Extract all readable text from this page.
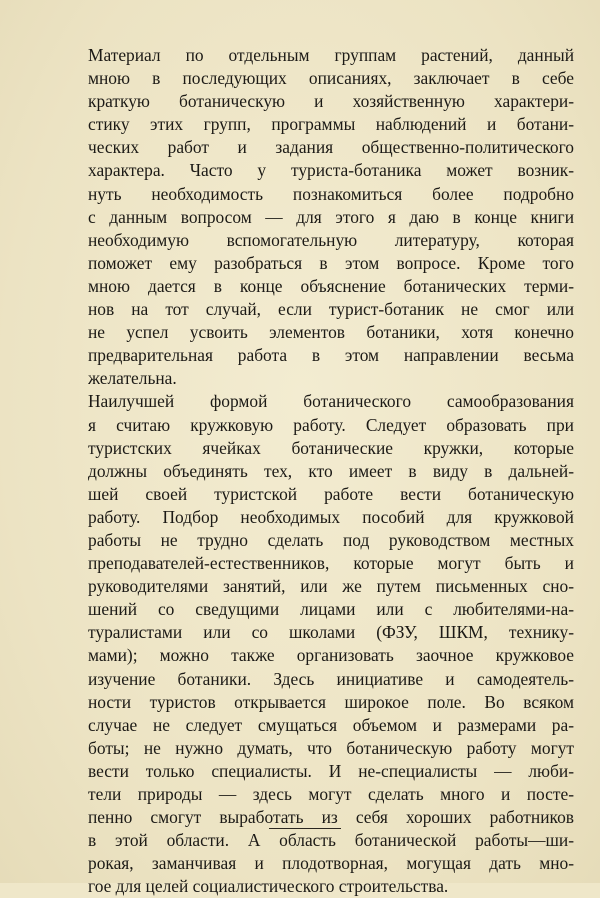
Материал по отдельным группам растений, данный
мною в последующих описаниях, заключает в себе
краткую ботаническую и хозяйственную характери-
стику этих групп, программы наблюдений и ботани-
ческих работ и задания общественно-политического
характера. Часто у туриста-ботаника может возник-
нуть необходимость познакомиться более подробно
с данным вопросом — для этого я даю в конце книги
необходимую вспомогательную литературу, которая
поможет ему разобраться в этом вопросе. Кроме того
мною дается в конце объяснение ботанических терми-
нов на тот случай, если турист-ботаник не смог или
не успел усвоить элементов ботаники, хотя конечно
предварительная работа в этом направлении весьма
желательна.
Наилучшей формой ботанического самообразования
я считаю кружковую работу. Следует образовать при
туристских ячейках ботанические кружки, которые
должны объединять тех, кто имеет в виду в дальней-
шей своей туристской работе вести ботаническую
работу. Подбор необходимых пособий для кружковой
работы не трудно сделать под руководством местных
преподавателей-естественников, которые могут быть и
руководителями занятий, или же путем письменных сно-
шений со сведущими лицами или с любителями-на-
туралистами или со школами (ФЗУ, ШКМ, технику-
мами); можно также организовать заочное кружковое
изучение ботаники. Здесь инициативе и самодеятель-
ности туристов открывается широкое поле. Во всяком
случае не следует смущаться объемом и размерами ра-
боты; не нужно думать, что ботаническую работу могут
вести только специалисты. И не-специалисты — люби-
тели природы — здесь могут сделать много и посте-
пенно смогут выработать из себя хороших работников
в этой области. А область ботанической работы—ши-
рокая, заманчивая и плодотворная, могущая дать мно-
гое для целей социалистического строительства.
